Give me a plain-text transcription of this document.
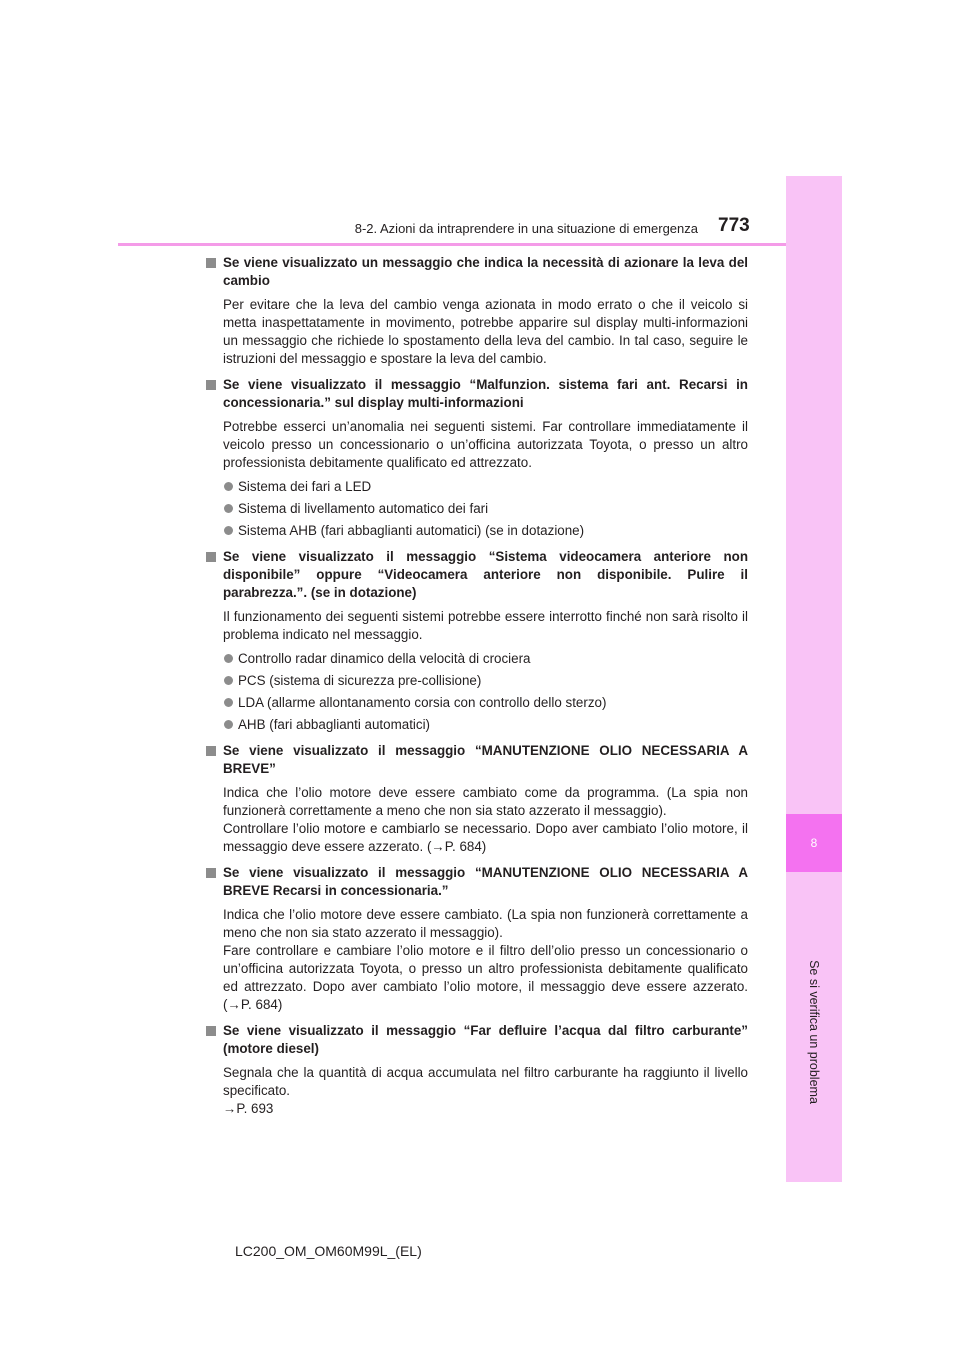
8
Se si verifica un problema
8-2. Azioni da intraprendere in una situazione di emergenza 773
Se viene visualizzato un messaggio che indica la necessità di azionare la leva del cambio
Per evitare che la leva del cambio venga azionata in modo errato o che il veicolo si metta inaspettatamente in movimento, potrebbe apparire sul display multi-informazioni un messaggio che richiede lo spostamento della leva del cambio. In tal caso, seguire le istruzioni del messaggio e spostare la leva del cambio.
Se viene visualizzato il messaggio “Malfunzion. sistema fari ant. Recarsi in concessionaria.” sul display multi-informazioni
Potrebbe esserci un’anomalia nei seguenti sistemi. Far controllare immediatamente il veicolo presso un concessionario o un’officina autorizzata Toyota, o presso un altro professionista debitamente qualificato ed attrezzato.
Sistema dei fari a LED
Sistema di livellamento automatico dei fari
Sistema AHB (fari abbaglianti automatici) (se in dotazione)
Se viene visualizzato il messaggio “Sistema videocamera anteriore non disponibile” oppure “Videocamera anteriore non disponibile. Pulire il parabrezza.”. (se in dotazione)
Il funzionamento dei seguenti sistemi potrebbe essere interrotto finché non sarà risolto il problema indicato nel messaggio.
Controllo radar dinamico della velocità di crociera
PCS (sistema di sicurezza pre-collisione)
LDA (allarme allontanamento corsia con controllo dello sterzo)
AHB (fari abbaglianti automatici)
Se viene visualizzato il messaggio “MANUTENZIONE OLIO NECESSARIA A BREVE”
Indica che l’olio motore deve essere cambiato come da programma. (La spia non funzionerà correttamente a meno che non sia stato azzerato il messaggio).
Controllare l’olio motore e cambiarlo se necessario. Dopo aver cambiato l’olio motore, il messaggio deve essere azzerato. (→P. 684)
Se viene visualizzato il messaggio “MANUTENZIONE OLIO NECESSARIA A BREVE Recarsi in concessionaria.”
Indica che l’olio motore deve essere cambiato. (La spia non funzionerà correttamente a meno che non sia stato azzerato il messaggio).
Fare controllare e cambiare l’olio motore e il filtro dell’olio presso un concessionario o un’officina autorizzata Toyota, o presso un altro professionista debitamente qualificato ed attrezzato. Dopo aver cambiato l’olio motore, il messaggio deve essere azzerato. (→P. 684)
Se viene visualizzato il messaggio “Far defluire l’acqua dal filtro carburante” (motore diesel)
Segnala che la quantità di acqua accumulata nel filtro carburante ha raggiunto il livello specificato.
→P. 693
LC200_OM_OM60M99L_(EL)
